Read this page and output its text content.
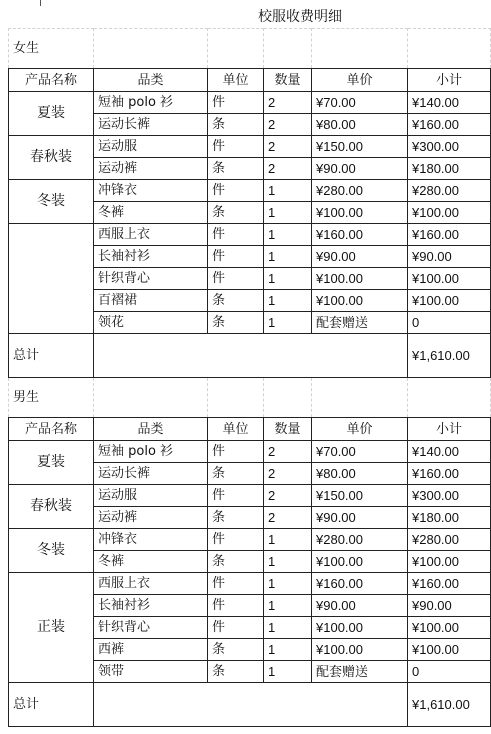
校服收费明细
女生					
产品名称	品类	单位	数量	单价	小计
夏装	短袖 polo 衫	件	2	¥70.00	¥140.00
	运动长裤	条	2	¥80.00	¥160.00
春秋装	运动服	件	2	¥150.00	¥300.00
	运动裤	条	2	¥90.00	¥180.00
冬装	冲锋衣	件	1	¥280.00	¥280.00
	冬裤	条	1	¥100.00	¥100.00
	西服上衣	件	1	¥160.00	¥160.00
	长袖衬衫	件	1	¥90.00	¥90.00
	针织背心	件	1	¥100.00	¥100.00
	百褶裙	条	1	¥100.00	¥100.00
	领花	条	1	配套赠送	0
总计					¥1,610.00
男生					
产品名称	品类	单位	数量	单价	小计
夏装	短袖 polo 衫	件	2	¥70.00	¥140.00
	运动长裤	条	2	¥80.00	¥160.00
春秋装	运动服	件	2	¥150.00	¥300.00
	运动裤	条	2	¥90.00	¥180.00
冬装	冲锋衣	件	1	¥280.00	¥280.00
	冬裤	条	1	¥100.00	¥100.00
正装	西服上衣	件	1	¥160.00	¥160.00
	长袖衬衫	件	1	¥90.00	¥90.00
	针织背心	件	1	¥100.00	¥100.00
	西裤	条	1	¥100.00	¥100.00
	领带	条	1	配套赠送	0
总计					¥1,610.00
